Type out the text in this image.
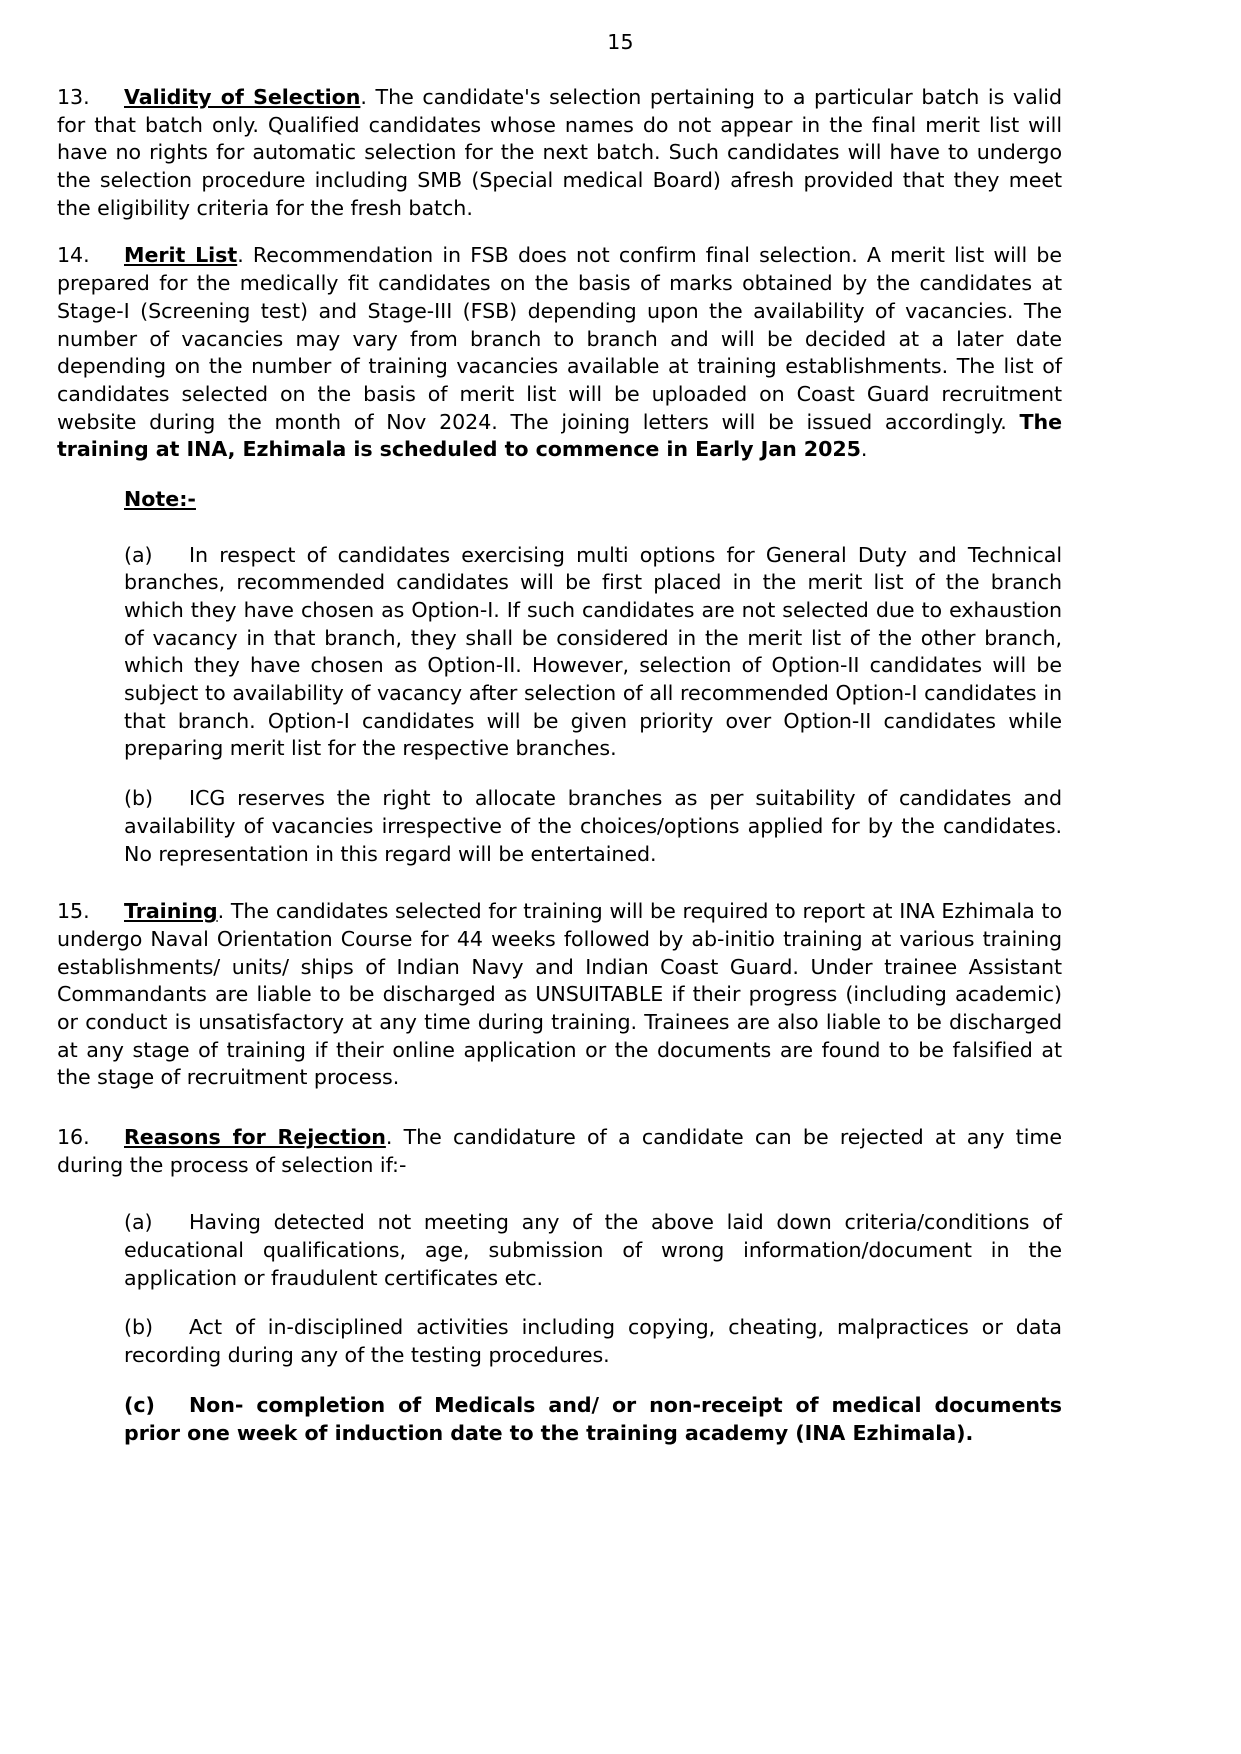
15

13. Validity of Selection. The candidate's selection pertaining to a particular batch is valid for that batch only. Qualified candidates whose names do not appear in the final merit list will have no rights for automatic selection for the next batch. Such candidates will have to undergo the selection procedure including SMB (Special medical Board) afresh provided that they meet the eligibility criteria for the fresh batch.

14. Merit List. Recommendation in FSB does not confirm final selection. A merit list will be prepared for the medically fit candidates on the basis of marks obtained by the candidates at Stage-I (Screening test) and Stage-III (FSB) depending upon the availability of vacancies. The number of vacancies may vary from branch to branch and will be decided at a later date depending on the number of training vacancies available at training establishments. The list of candidates selected on the basis of merit list will be uploaded on Coast Guard recruitment website during the month of Nov 2024. The joining letters will be issued accordingly. The training at INA, Ezhimala is scheduled to commence in Early Jan 2025.

Note:-

(a) In respect of candidates exercising multi options for General Duty and Technical branches, recommended candidates will be first placed in the merit list of the branch which they have chosen as Option-I. If such candidates are not selected due to exhaustion of vacancy in that branch, they shall be considered in the merit list of the other branch, which they have chosen as Option-II. However, selection of Option-II candidates will be subject to availability of vacancy after selection of all recommended Option-I candidates in that branch. Option-I candidates will be given priority over Option-II candidates while preparing merit list for the respective branches.

(b) ICG reserves the right to allocate branches as per suitability of candidates and availability of vacancies irrespective of the choices/options applied for by the candidates. No representation in this regard will be entertained.

15. Training. The candidates selected for training will be required to report at INA Ezhimala to undergo Naval Orientation Course for 44 weeks followed by ab-initio training at various training establishments/ units/ ships of Indian Navy and Indian Coast Guard. Under trainee Assistant Commandants are liable to be discharged as UNSUITABLE if their progress (including academic) or conduct is unsatisfactory at any time during training. Trainees are also liable to be discharged at any stage of training if their online application or the documents are found to be falsified at the stage of recruitment process.

16. Reasons for Rejection. The candidature of a candidate can be rejected at any time during the process of selection if:-

(a) Having detected not meeting any of the above laid down criteria/conditions of educational qualifications, age, submission of wrong information/document in the application or fraudulent certificates etc.

(b) Act of in-disciplined activities including copying, cheating, malpractices or data recording during any of the testing procedures.

(c) Non- completion of Medicals and/ or non-receipt of medical documents prior one week of induction date to the training academy (INA Ezhimala).
